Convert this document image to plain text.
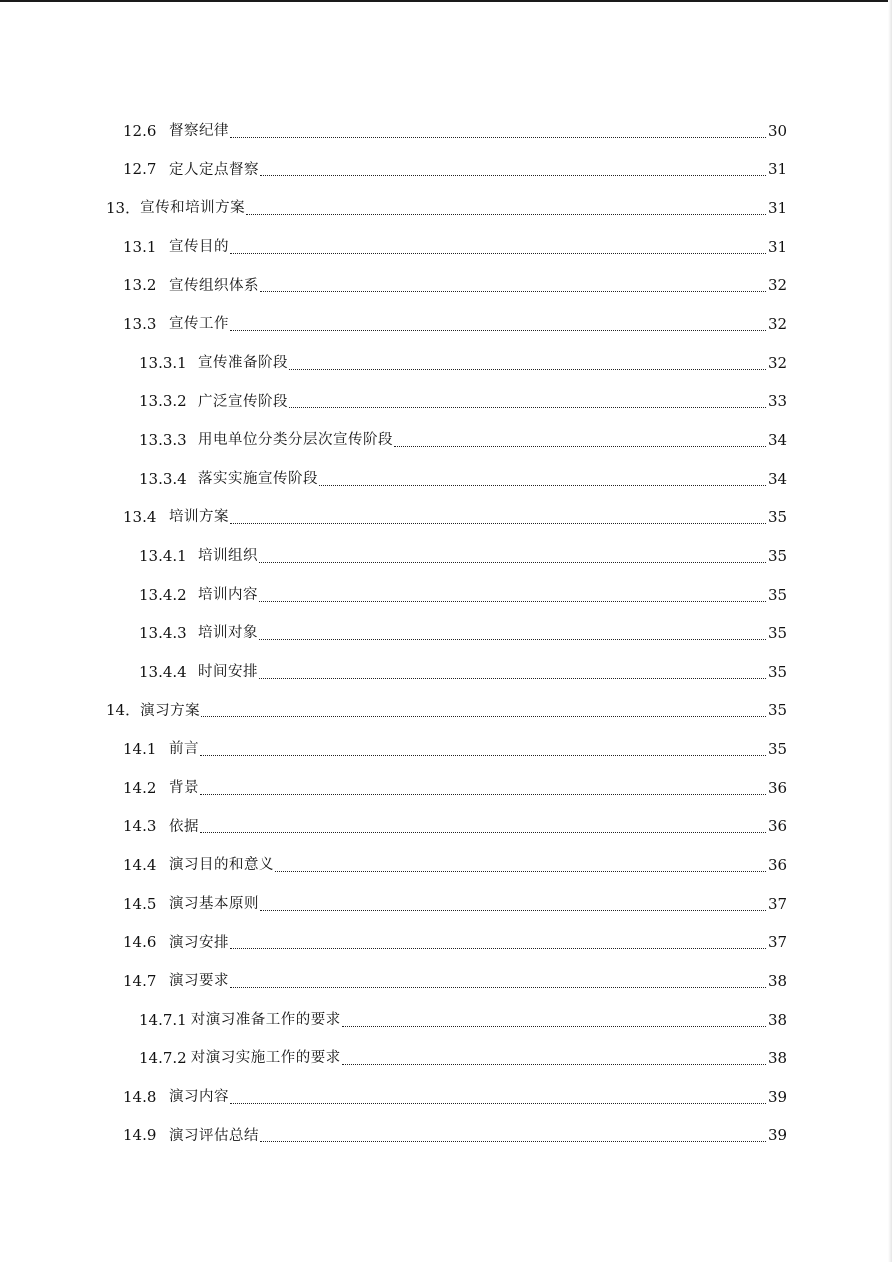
12.6 督察纪律	30
12.7 定人定点督察	31
13． 宣传和培训方案	31
13.1 宣传目的	31
13.2 宣传组织体系	32
13.3 宣传工作	32
13.3.1 宣传准备阶段	32
13.3.2 广泛宣传阶段	33
13.3.3 用电单位分类分层次宣传阶段	34
13.3.4 落实实施宣传阶段	34
13.4 培训方案	35
13.4.1 培训组织	35
13.4.2 培训内容	35
13.4.3 培训对象	35
13.4.4 时间安排	35
14． 演习方案	35
14.1 前言	35
14.2 背景	36
14.3 依据	36
14.4 演习目的和意义	36
14.5 演习基本原则	37
14.6 演习安排	37
14.7 演习要求	38
14.7.1 对演习准备工作的要求	38
14.7.2 对演习实施工作的要求	38
14.8 演习内容	39
14.9 演习评估总结	39
